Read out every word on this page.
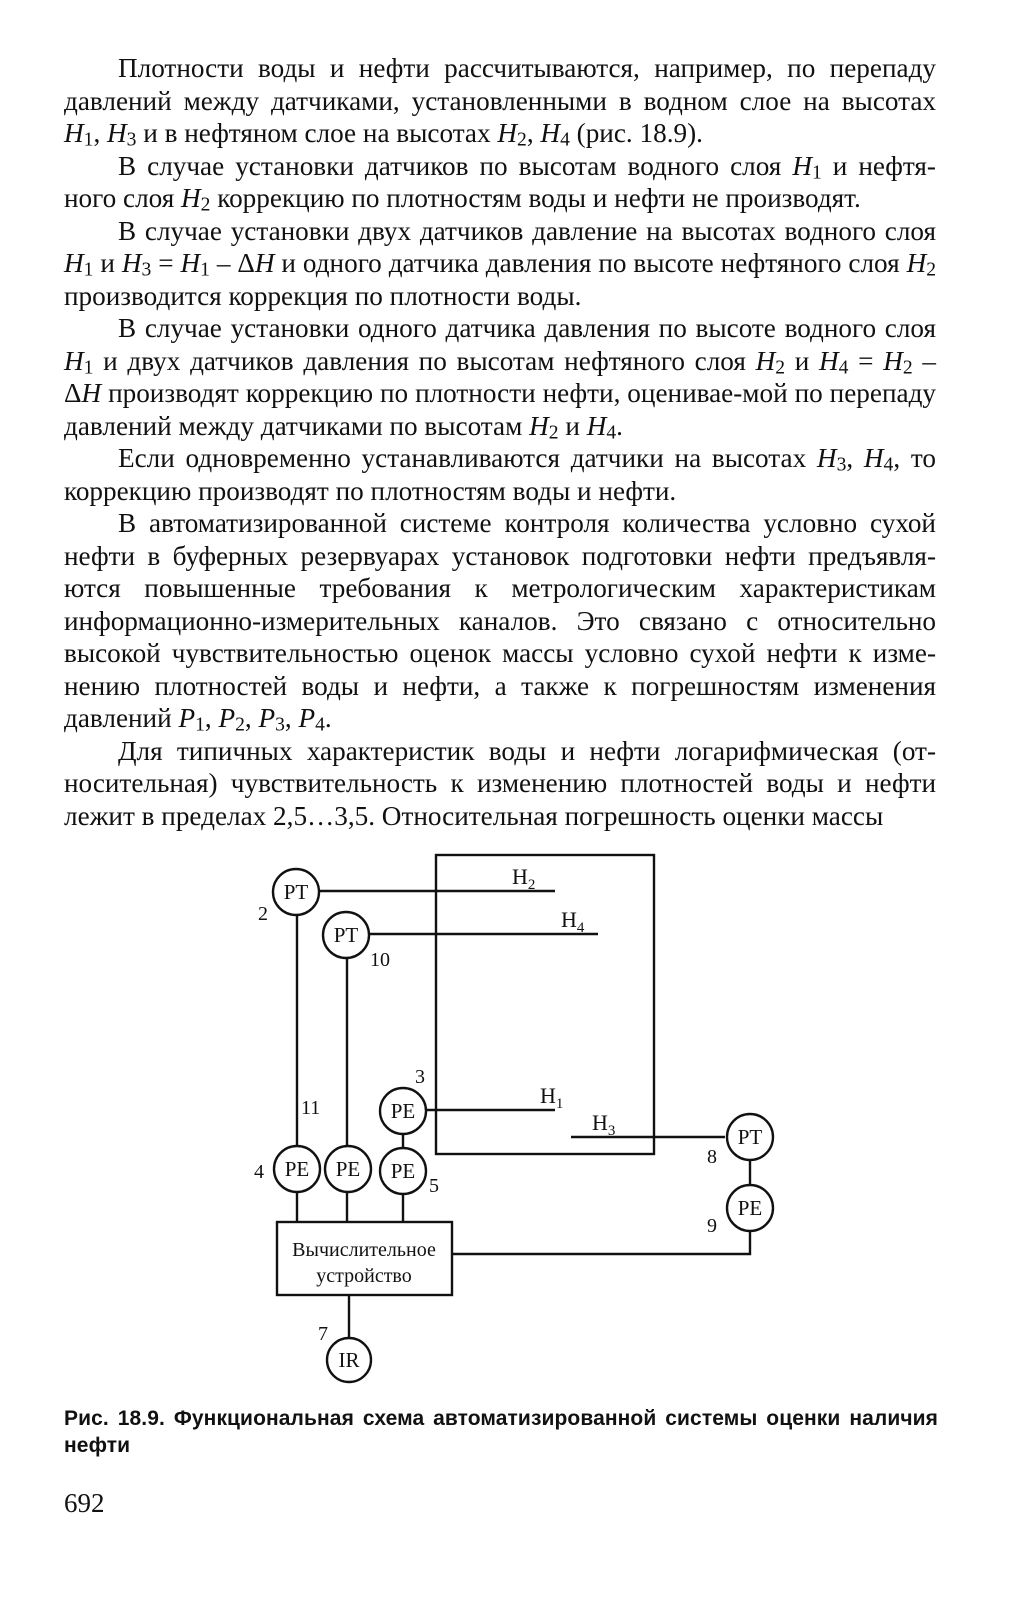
Плотности воды и нефти рассчитываются, например, по перепаду давлений между датчиками, установленными в водном слое на высотах $H_1$, $H_3$ и в нефтяном слое на высотах $H_2$, $H_4$ (рис. 18.9).

В случае установки датчиков по высотам водного слоя $H_1$ и нефтя-ного слоя $H_2$ коррекцию по плотностям воды и нефти не производят.

В случае установки двух датчиков давление на высотах водного слоя $H_1$ и $H_3 = H_1 - \Delta H$ и одного датчика давления по высоте нефтяного слоя $H_2$ производится коррекция по плотности воды.

В случае установки одного датчика давления по высоте водного слоя $H_1$ и двух датчиков давления по высотам нефтяного слоя $H_2$ и $H_4 = H_2 - \Delta H$ производят коррекцию по плотности нефти, оценивае-мой по перепаду давлений между датчиками по высотам $H_2$ и $H_4$.

Если одновременно устанавливаются датчики на высотах $H_3$, $H_4$, то коррекцию производят по плотностям воды и нефти.

В автоматизированной системе контроля количества условно сухой нефти в буферных резервуарах установок подготовки нефти предъявля-ются повышенные требования к метрологическим характеристикам информационно-измерительных каналов. Это связано с относительно высокой чувствительностью оценок массы условно сухой нефти к изме-нению плотностей воды и нефти, а также к погрешностям изменения давлений $P_1$, $P_2$, $P_3$, $P_4$.

Для типичных характеристик воды и нефти логарифмическая (от-носительная) чувствительность к изменению плотностей воды и нефти лежит в пределах 2,5…3,5. Относительная погрешность оценки массы

PT
PT
PE
PE PE PE
PT
PE
IR
$H_2$
$H_4$
$H_1$
$H_3$
2
10
3
11
4
5
8
9
7
Вычислительное
устройство
Рис. 18.9. Функциональная схема автоматизированной системы оценки наличия нефти
692
